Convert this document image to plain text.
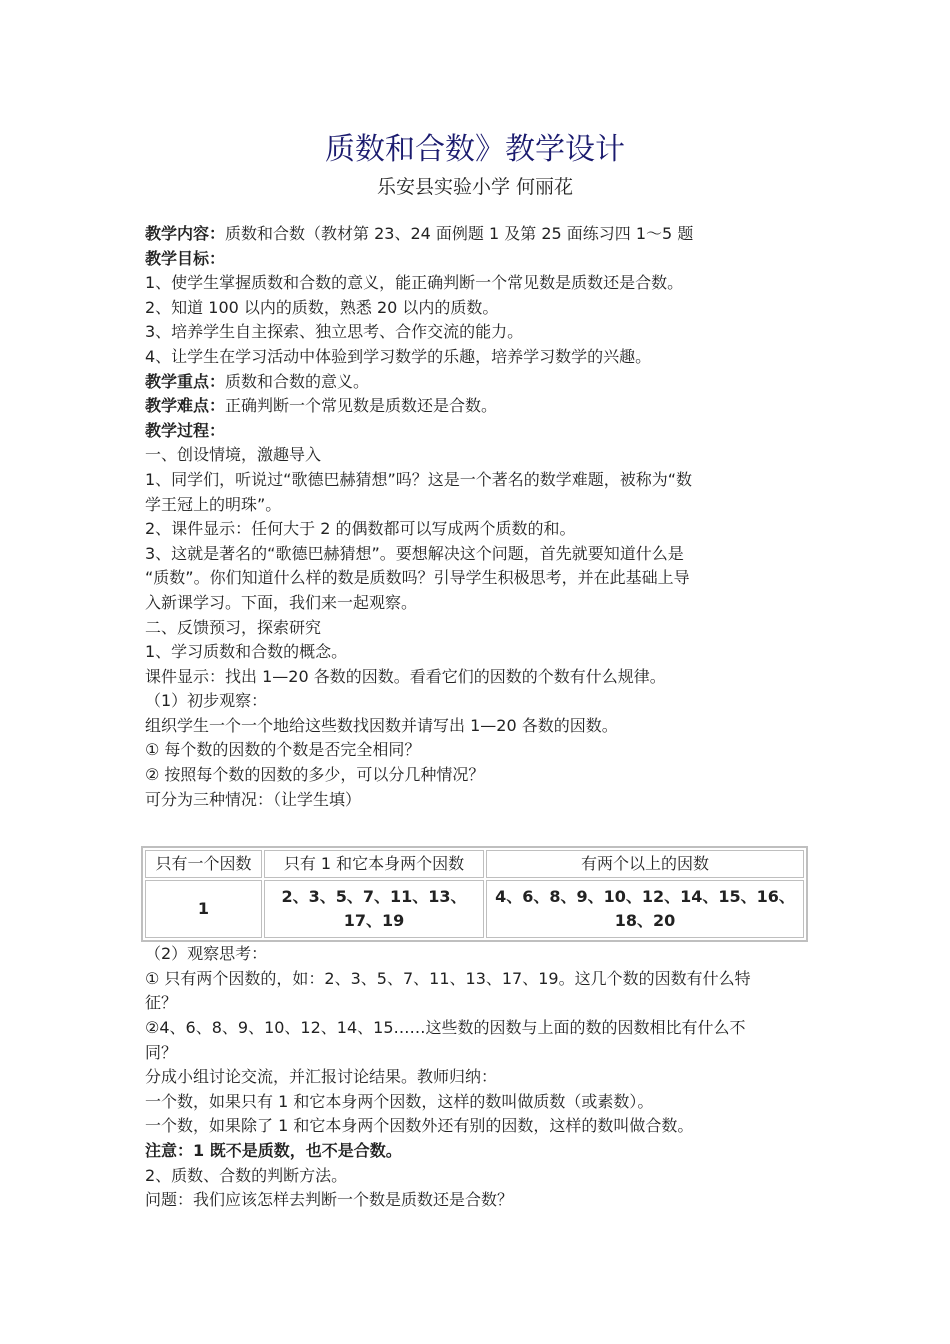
质数和合数》教学设计
乐安县实验小学 何丽花
教学内容：质数和合数（教材第 23、24 面例题 1 及第 25 面练习四 1～5 题
教学目标：
1、使学生掌握质数和合数的意义，能正确判断一个常见数是质数还是合数。
2、知道 100 以内的质数，熟悉 20 以内的质数。
3、培养学生自主探索、独立思考、合作交流的能力。
4、让学生在学习活动中体验到学习数学的乐趣，培养学习数学的兴趣。
教学重点：质数和合数的意义。
教学难点：正确判断一个常见数是质数还是合数。
教学过程：
一、创设情境，激趣导入
1、同学们，听说过“歌德巴赫猜想”吗？这是一个著名的数学难题，被称为“数
学王冠上的明珠”。
2、课件显示：任何大于 2 的偶数都可以写成两个质数的和。
3、这就是著名的“歌德巴赫猜想”。要想解决这个问题，首先就要知道什么是
“质数”。你们知道什么样的数是质数吗？引导学生积极思考，并在此基础上导
入新课学习。下面，我们来一起观察。
二、反馈预习，探索研究
1、学习质数和合数的概念。
课件显示：找出 1—20 各数的因数。看看它们的因数的个数有什么规律。
（1）初步观察：
组织学生一个一个地给这些数找因数并请写出 1—20 各数的因数。
① 每个数的因数的个数是否完全相同？
② 按照每个数的因数的多少，可以分几种情况？
可分为三种情况：（让学生填）
只有一个因数	只有 1 和它本身两个因数	有两个以上的因数
1	2、3、5、7、11、13、17、19	4、6、8、9、10、12、14、15、16、18、20
（2）观察思考：
① 只有两个因数的，如：2、3、5、7、11、13、17、19。这几个数的因数有什么特
征？
②4、6、8、9、10、12、14、15……这些数的因数与上面的数的因数相比有什么不
同？
分成小组讨论交流，并汇报讨论结果。教师归纳：
一个数，如果只有 1 和它本身两个因数，这样的数叫做质数（或素数）。
一个数，如果除了 1 和它本身两个因数外还有别的因数，这样的数叫做合数。
注意：1 既不是质数，也不是合数。
2、质数、合数的判断方法。
问题：我们应该怎样去判断一个数是质数还是合数？
